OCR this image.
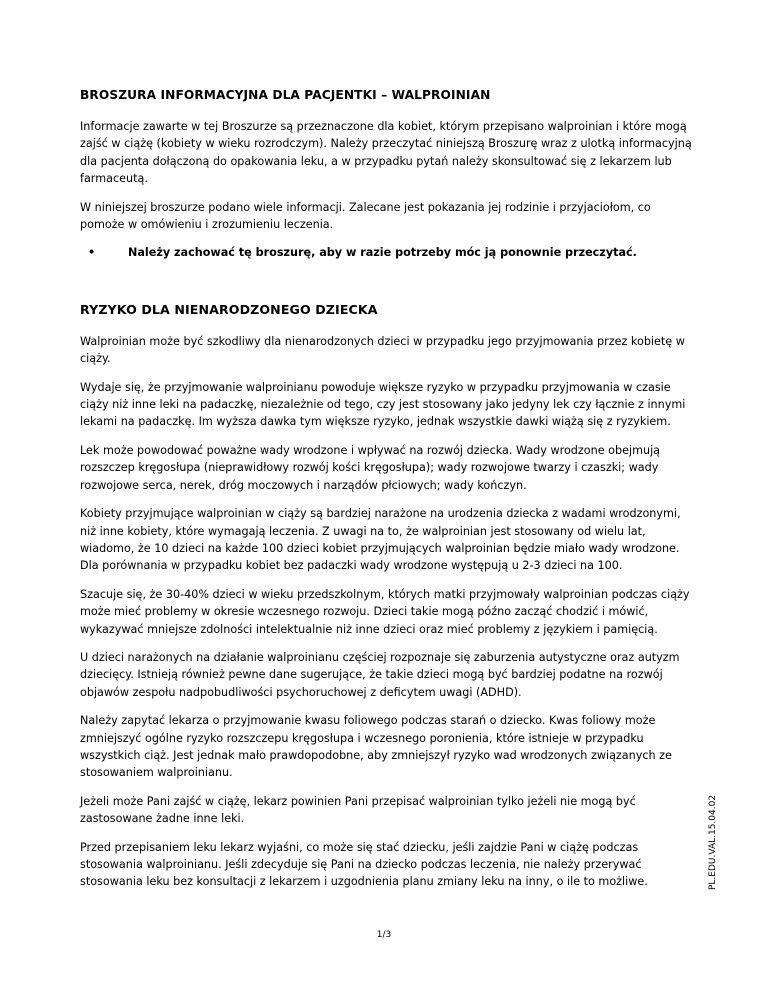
BROSZURA INFORMACYJNA DLA PACJENTKI – WALPROINIAN

Informacje zawarte w tej Broszurze są przeznaczone dla kobiet, którym przepisano walproinian i które mogą zajść w ciążę (kobiety w wieku rozrodczym). Należy przeczytać niniejszą Broszurę wraz z ulotką informacyjną dla pacjenta dołączoną do opakowania leku, a w przypadku pytań należy skonsultować się z lekarzem lub farmaceutą.

W niniejszej broszurze podano wiele informacji. Zalecane jest pokazania jej rodzinie i przyjaciołom, co pomoże w omówieniu i zrozumieniu leczenia.

•	Należy zachować tę broszurę, aby w razie potrzeby móc ją ponownie przeczytać.
RYZYKO DLA NIENARODZONEGO DZIECKA

Walproinian może być szkodliwy dla nienarodzonych dzieci w przypadku jego przyjmowania przez kobietę w ciąży.

Wydaje się, że przyjmowanie walproinianu powoduje większe ryzyko w przypadku przyjmowania w czasie ciąży niż inne leki na padaczkę, niezależnie od tego, czy jest stosowany jako jedyny lek czy łącznie z innymi lekami na padaczkę. Im wyższa dawka tym większe ryzyko, jednak wszystkie dawki wiążą się z ryzykiem.

Lek może powodować poważne wady wrodzone i wpływać na rozwój dziecka. Wady wrodzone obejmują rozszczep kręgosłupa (nieprawidłowy rozwój kości kręgosłupa); wady rozwojowe twarzy i czaszki; wady rozwojowe serca, nerek, dróg moczowych i narządów płciowych; wady kończyn.

Kobiety przyjmujące walproinian w ciąży są bardziej narażone na urodzenia dziecka z wadami wrodzonymi, niż inne kobiety, które wymagają leczenia. Z uwagi na to, że walproinian jest stosowany od wielu lat, wiadomo, że 10 dzieci na każde 100 dzieci kobiet przyjmujących walproinian będzie miało wady wrodzone. Dla porównania w przypadku kobiet bez padaczki wady wrodzone występują u 2-3 dzieci na 100.

Szacuje się, że 30-40% dzieci w wieku przedszkolnym, których matki przyjmowały walproinian podczas ciąży może mieć problemy w okresie wczesnego rozwoju. Dzieci takie mogą późno zacząć chodzić i mówić, wykazywać mniejsze zdolności intelektualnie niż inne dzieci oraz mieć problemy z językiem i pamięcią.

U dzieci narażonych na działanie walproinianu częściej rozpoznaje się zaburzenia autystyczne oraz autyzm dziecięcy. Istnieją również pewne dane sugerujące, że takie dzieci mogą być bardziej podatne na rozwój objawów zespołu nadpobudliwości psychoruchowej z deficytem uwagi (ADHD).

Należy zapytać lekarza o przyjmowanie kwasu foliowego podczas starań o dziecko. Kwas foliowy może zmniejszyć ogólne ryzyko rozszczepu kręgosłupa i wczesnego poronienia, które istnieje w przypadku wszystkich ciąż. Jest jednak mało prawdopodobne, aby zmniejszył ryzyko wad wrodzonych związanych ze stosowaniem walproinianu.

Jeżeli może Pani zajść w ciążę, lekarz powinien Pani przepisać walproinian tylko jeżeli nie mogą być zastosowane żadne inne leki.

Przed przepisaniem leku lekarz wyjaśni, co może się stać dziecku, jeśli zajdzie Pani w ciążę podczas stosowania walproinianu. Jeśli zdecyduje się Pani na dziecko podczas leczenia, nie należy przerywać stosowania leku bez konsultacji z lekarzem i uzgodnienia planu zmiany leku na inny, o ile to możliwe.	PL.EDU.VAL.15.04.02
1/3
